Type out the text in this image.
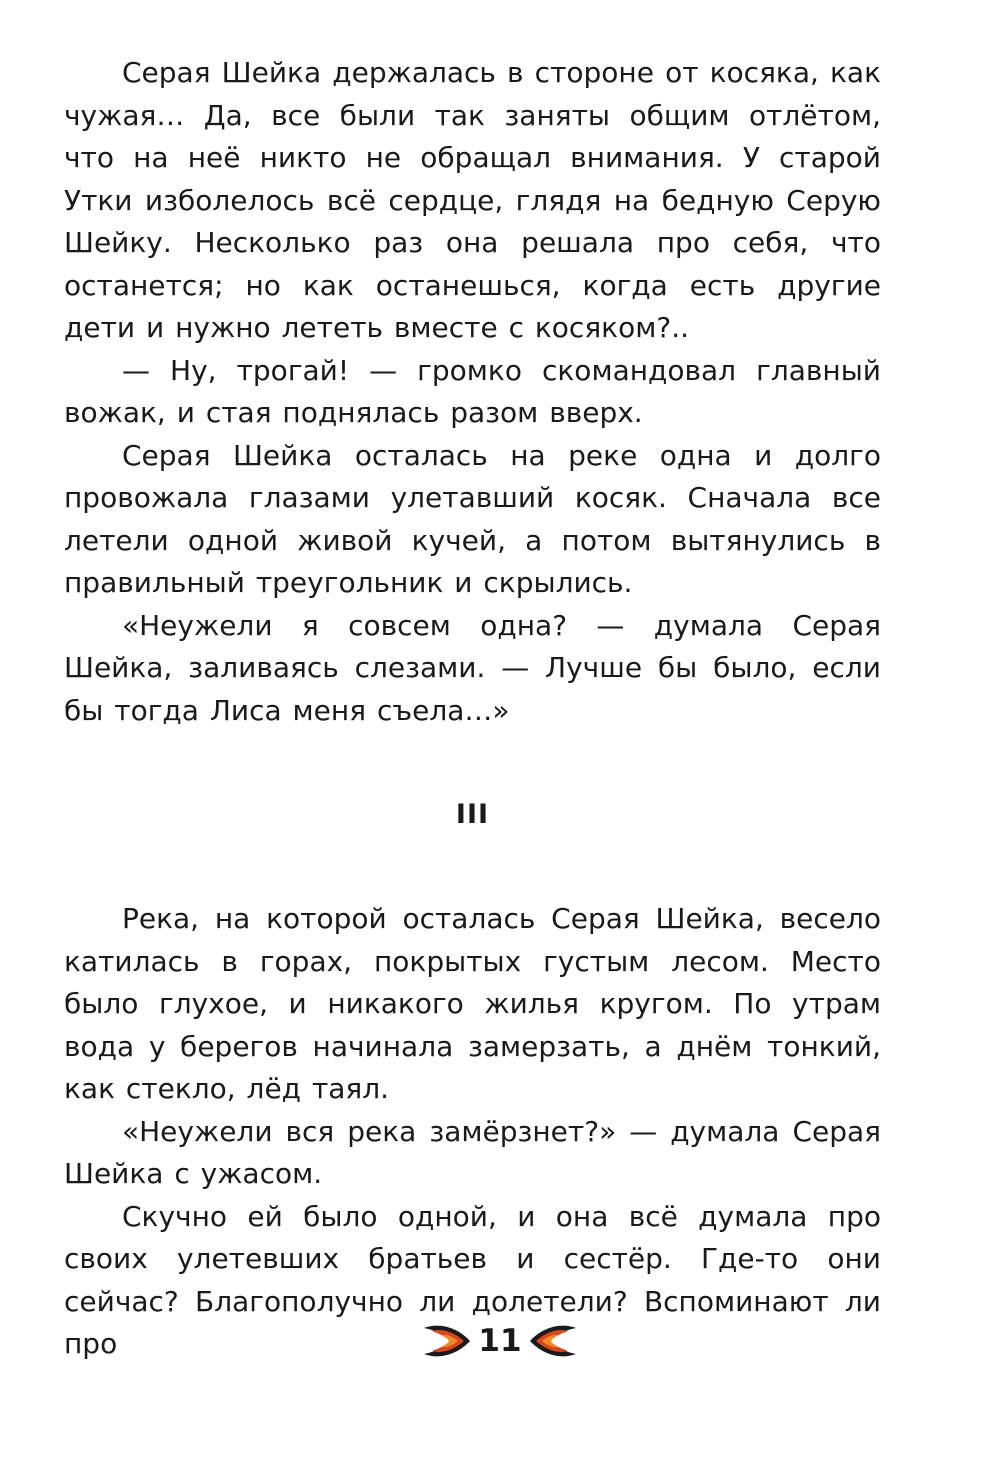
Серая Шейка держалась в стороне от косяка, как чужая… Да, все были так заняты общим отлётом, что на неё никто не обращал внимания. У старой Утки изболелось всё сердце, глядя на бедную Серую Шейку. Несколько раз она решала про себя, что останется; но как останешься, когда есть другие дети и нужно лететь вместе с косяком?..

— Ну, трогай! — громко скомандовал главный вожак, и стая поднялась разом вверх.

Серая Шейка осталась на реке одна и долго провожала глазами улетавший косяк. Сначала все летели одной живой кучей, а потом вытянулись в правильный треугольник и скрылись.

«Неужели я совсем одна? — думала Серая Шейка, заливаясь слезами. — Лучше бы было, если бы тогда Лиса меня съела…»

III

Река, на которой осталась Серая Шейка, весело катилась в горах, покрытых густым лесом. Место было глухое, и никакого жилья кругом. По утрам вода у берегов начинала замерзать, а днём тонкий, как стекло, лёд таял.

«Неужели вся река замёрзнет?» — думала Серая Шейка с ужасом.

Скучно ей было одной, и она всё думала про своих улетевших братьев и сестёр. Где-то они сейчас? Благополучно ли долетели? Вспоминают ли про	11
